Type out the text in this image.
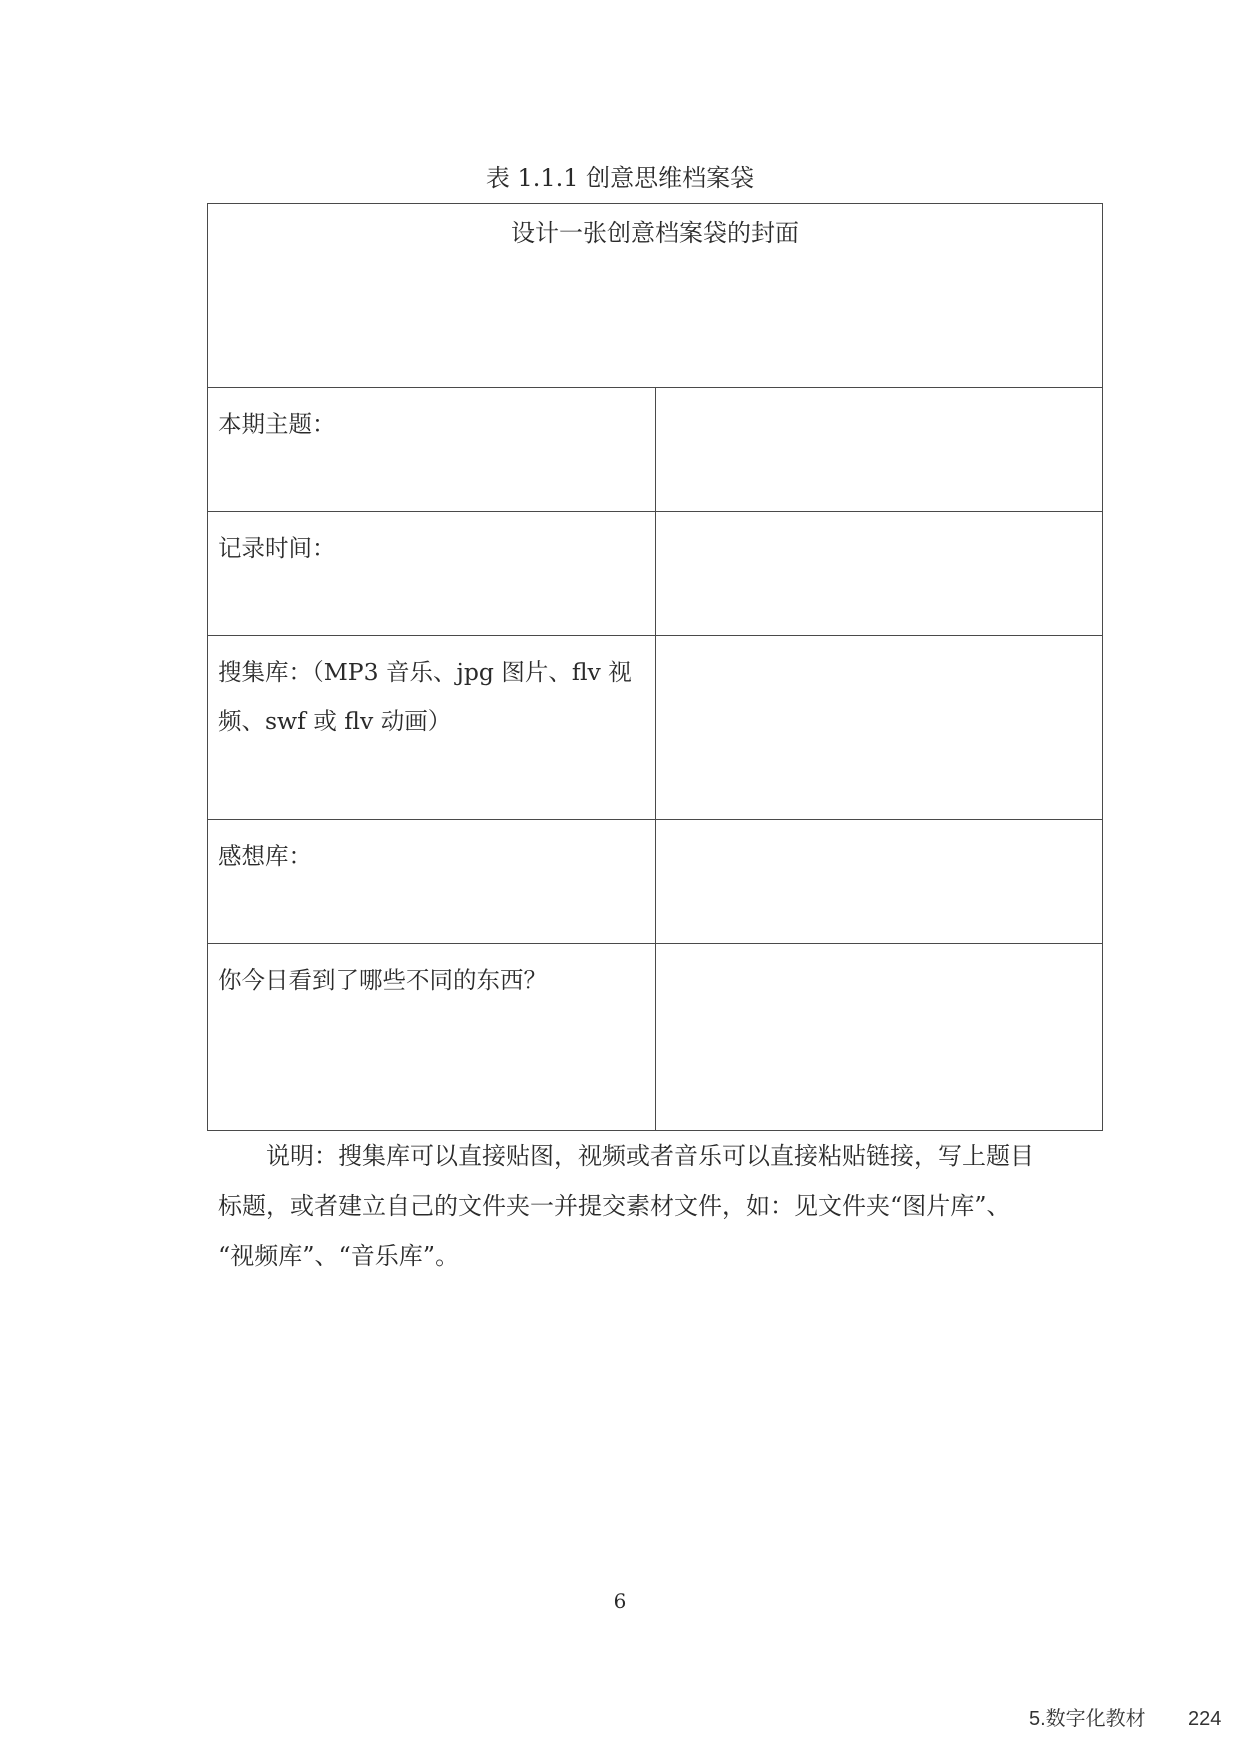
表 1.1.1 创意思维档案袋
设计一张创意档案袋的封面	

本期主题：	

记录时间：	

搜集库：（MP3 音乐、jpg 图片、flv 视频、swf 或 flv 动画）	

感想库：	

你今日看到了哪些不同的东西？	

说明：搜集库可以直接贴图，视频或者音乐可以直接粘贴链接，写上题目
标题，或者建立自己的文件夹一并提交素材文件，如：见文件夹“图片库”、
“视频库”、“音乐库”。
6
5.数字化教材 224
